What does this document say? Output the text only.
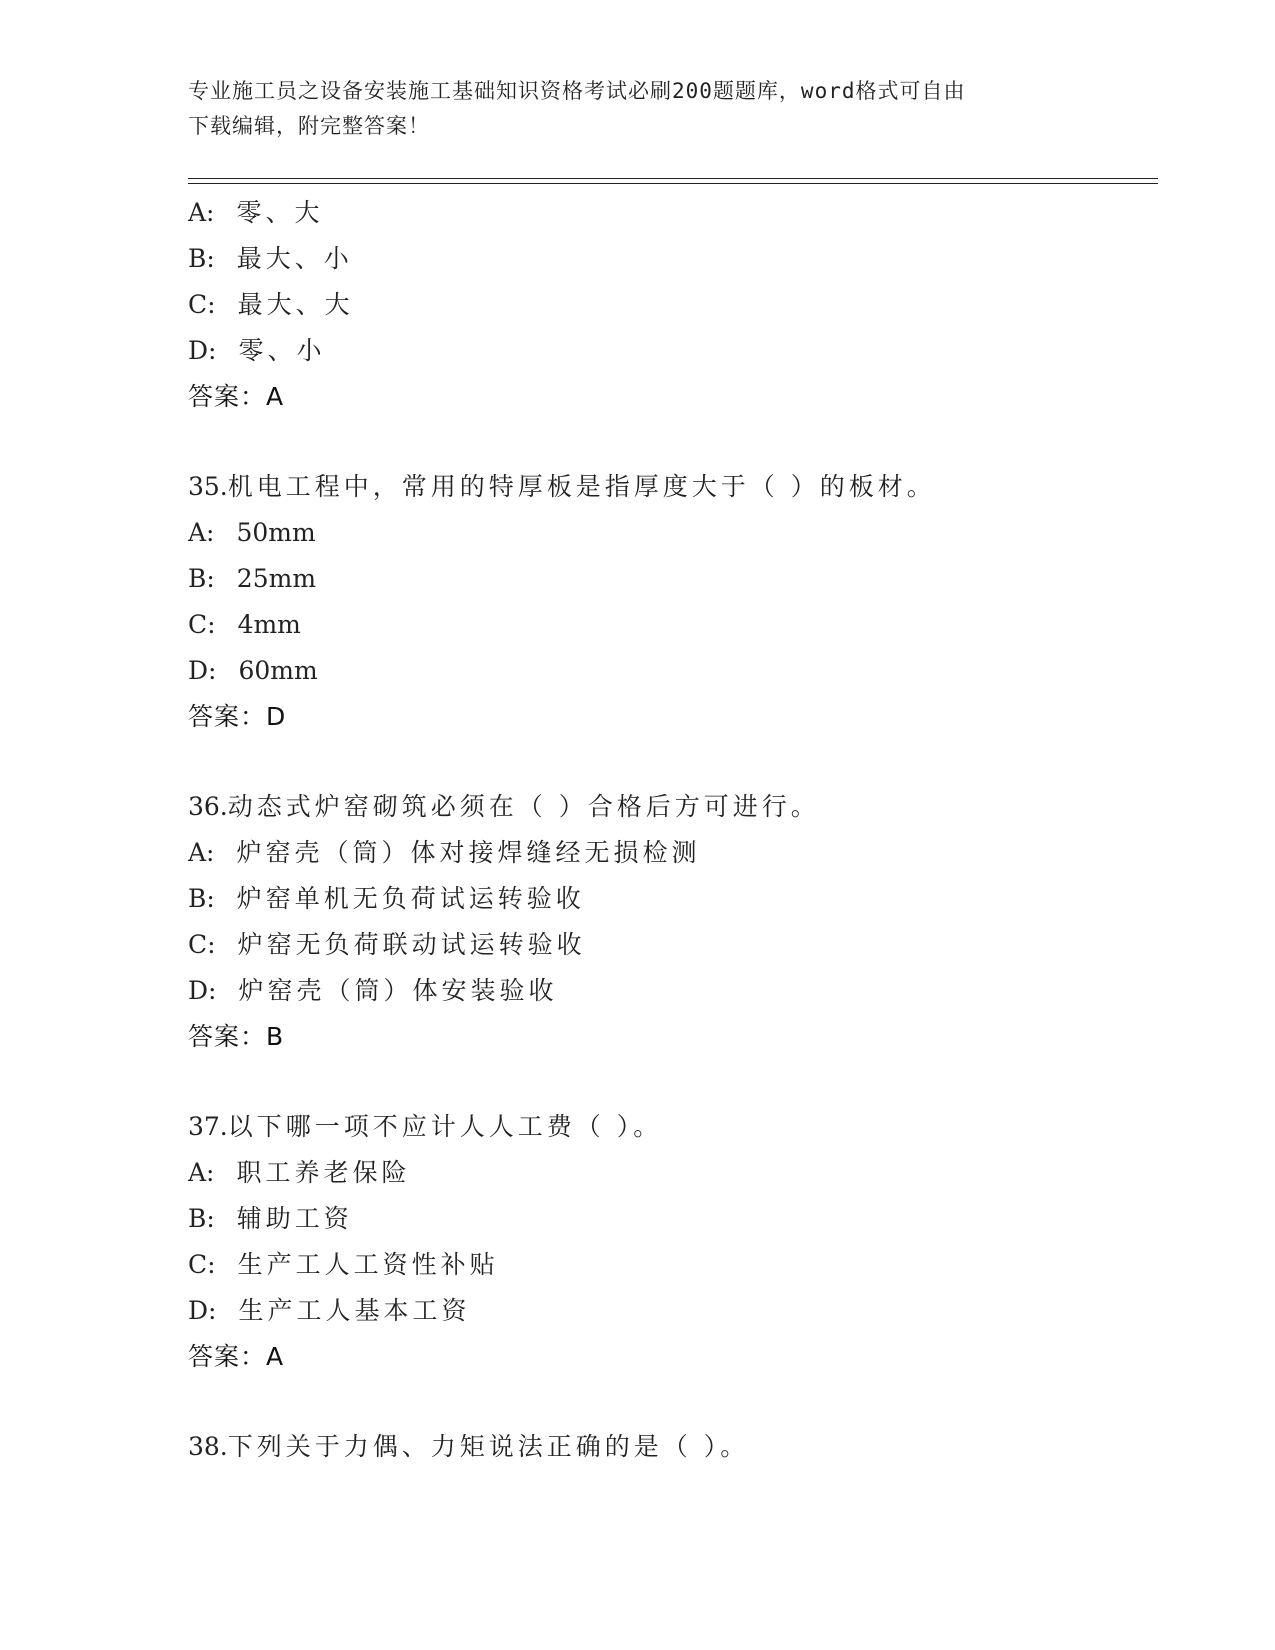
专业施工员之设备安装施工基础知识资格考试必刷200题题库，word格式可自由
下载编辑，附完整答案！
A: 零、大
B: 最大、小
C: 最大、大
D: 零、小
答案：A
35.机电工程中，常用的特厚板是指厚度大于（ ）的板材。
A: 50mm
B: 25mm
C: 4mm
D: 60mm
答案：D
36.动态式炉窑砌筑必须在（ ）合格后方可进行。
A: 炉窑壳（筒）体对接焊缝经无损检测
B: 炉窑单机无负荷试运转验收
C: 炉窑无负荷联动试运转验收
D: 炉窑壳（筒）体安装验收
答案：B
37.以下哪一项不应计人人工费（ ）。
A: 职工养老保险
B: 辅助工资
C: 生产工人工资性补贴
D: 生产工人基本工资
答案：A
38.下列关于力偶、力矩说法正确的是（ ）。
